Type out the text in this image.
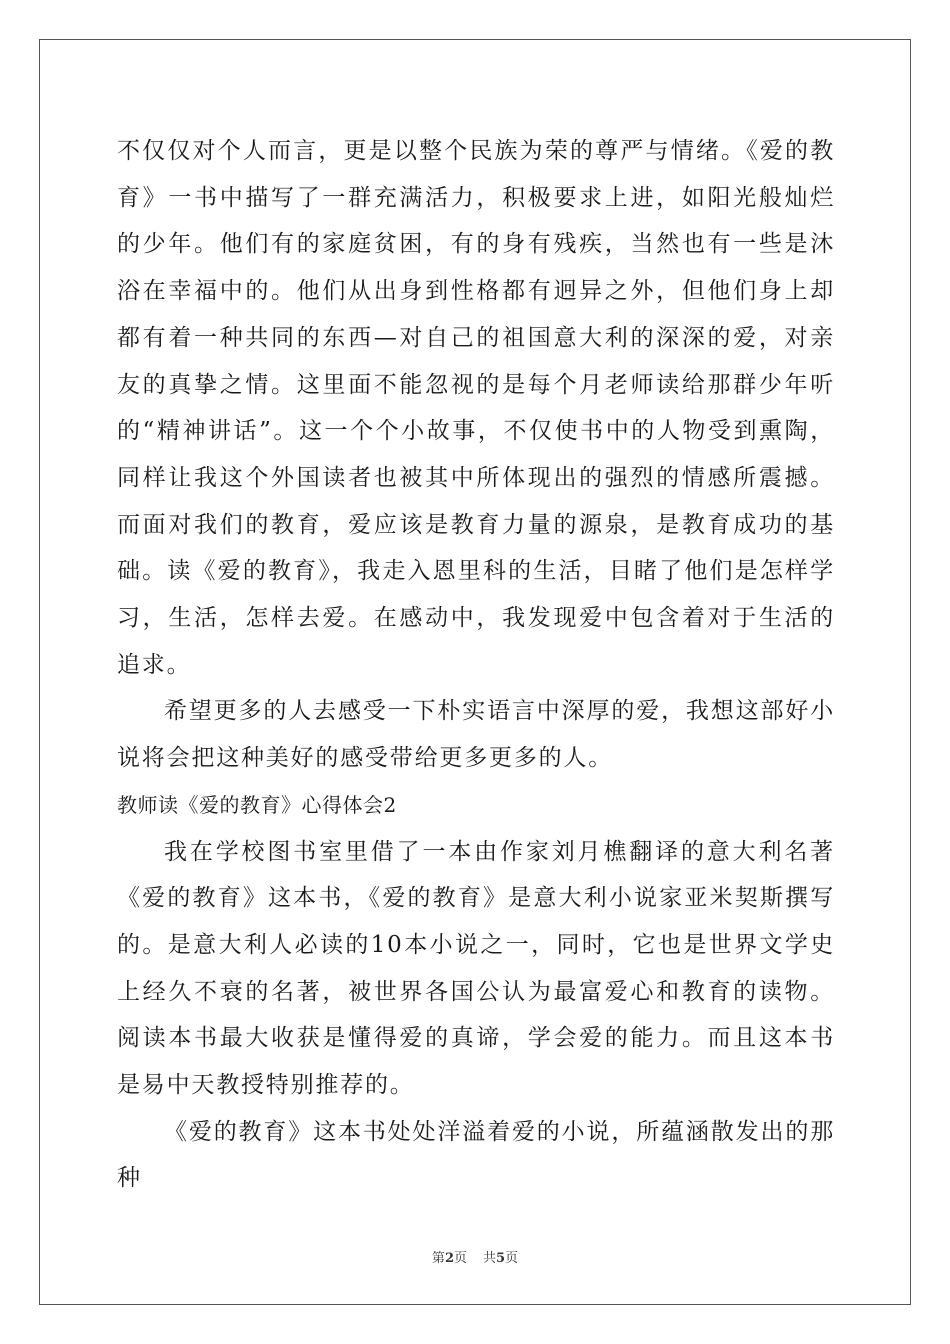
不仅仅对个人而言，更是以整个民族为荣的尊严与情绪。《爱的教育》一书中描写了一群充满活力，积极要求上进，如阳光般灿烂的少年。他们有的家庭贫困，有的身有残疾，当然也有一些是沐浴在幸福中的。他们从出身到性格都有迥异之外，但他们身上却都有着一种共同的东西—对自己的祖国意大利的深深的爱，对亲友的真挚之情。这里面不能忽视的是每个月老师读给那群少年听的“精神讲话”。这一个个小故事，不仅使书中的人物受到熏陶，同样让我这个外国读者也被其中所体现出的强烈的情感所震撼。而面对我们的教育，爱应该是教育力量的源泉，是教育成功的基础。读《爱的教育》，我走入恩里科的生活，目睹了他们是怎样学习，生活，怎样去爱。在感动中，我发现爱中包含着对于生活的追求。

希望更多的人去感受一下朴实语言中深厚的爱，我想这部好小说将会把这种美好的感受带给更多更多的人。

教师读《爱的教育》心得体会2

我在学校图书室里借了一本由作家刘月樵翻译的意大利名著《爱的教育》这本书，《爱的教育》是意大利小说家亚米契斯撰写的。是意大利人必读的10本小说之一，同时，它也是世界文学史上经久不衰的名著，被世界各国公认为最富爱心和教育的读物。阅读本书最大收获是懂得爱的真谛，学会爱的能力。而且这本书是易中天教授特别推荐的。

《爱的教育》这本书处处洋溢着爱的小说，所蕴涵散发出的那种

第2页 共5页
